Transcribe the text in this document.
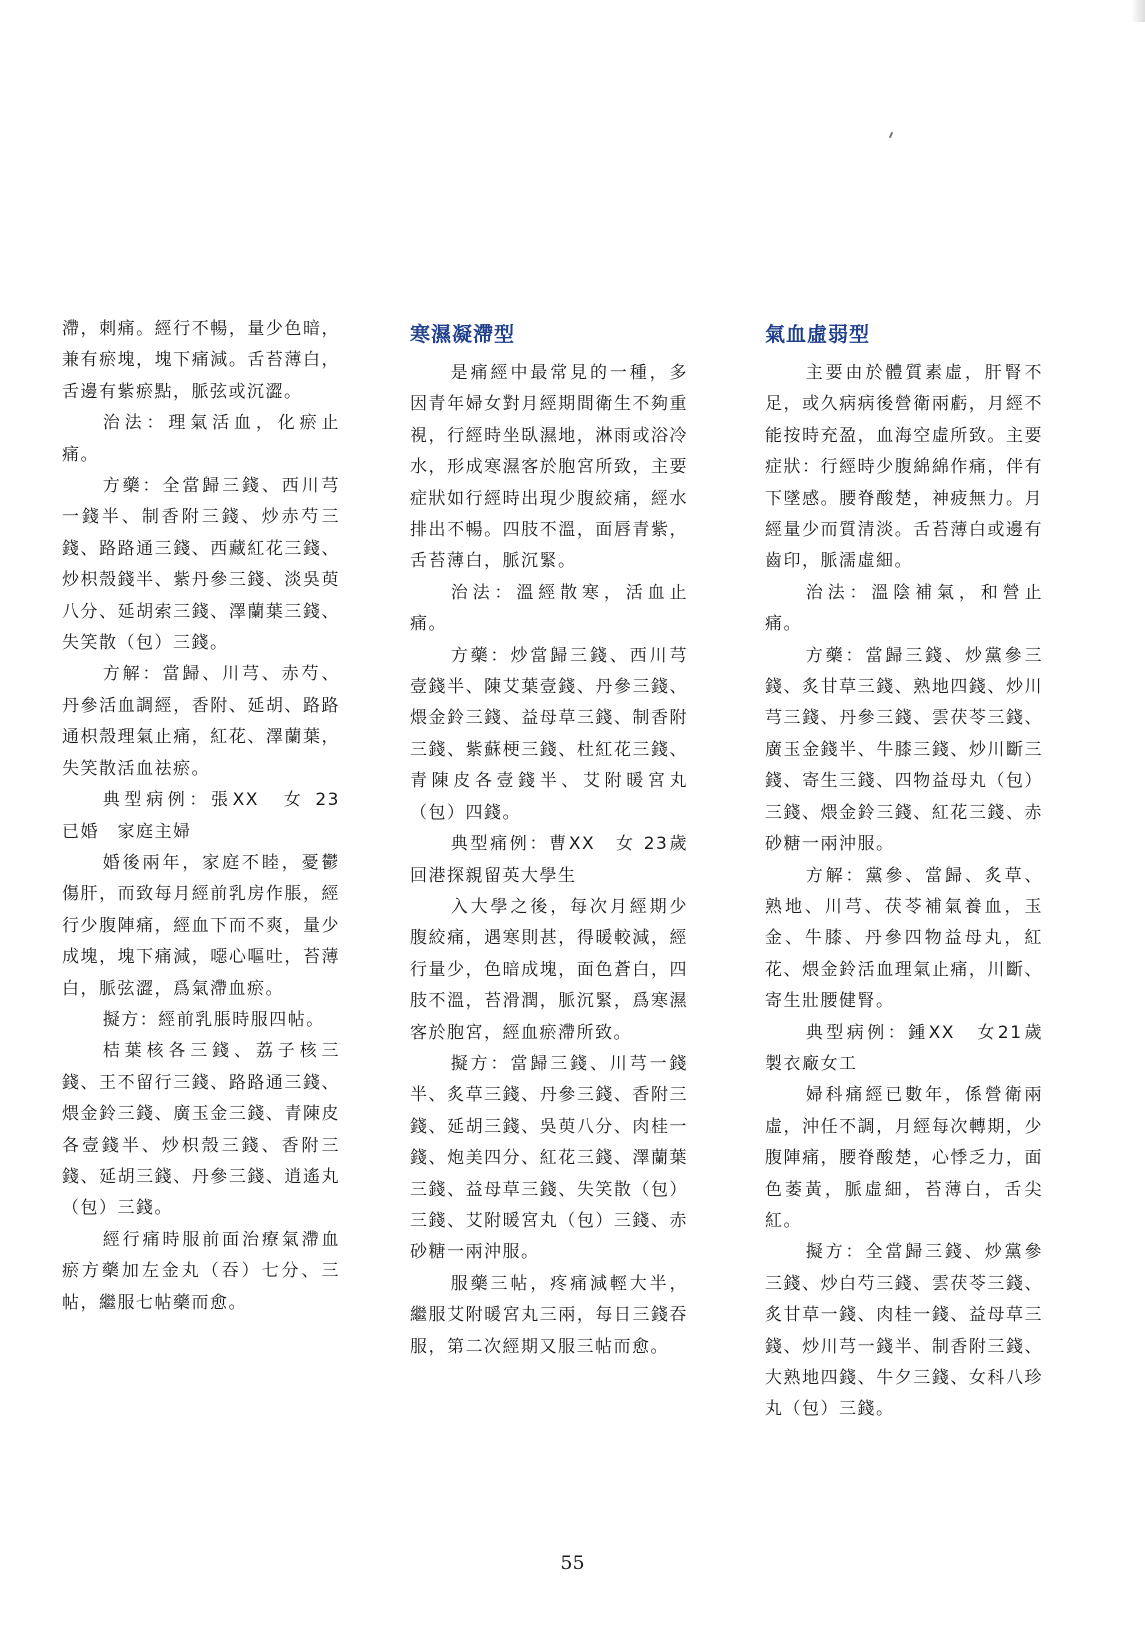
滯，刺痛。經行不暢，量少色暗，兼有瘀塊，塊下痛減。舌苔薄白，舌邊有紫瘀點，脈弦或沉澀。

治法：理氣活血，化瘀止痛。

方藥：全當歸三錢、西川芎一錢半、制香附三錢、炒赤芍三錢、路路通三錢、西藏紅花三錢、炒枳殼錢半、紫丹參三錢、淡吳萸八分、延胡索三錢、澤蘭葉三錢、失笑散（包）三錢。

方解：當歸、川芎、赤芍、丹參活血調經，香附、延胡、路路通枳殼理氣止痛，紅花、澤蘭葉，失笑散活血祛瘀。

典型病例：張XX　女 23　已婚　家庭主婦

婚後兩年，家庭不睦，憂鬱傷肝，而致每月經前乳房作脹，經行少腹陣痛，經血下而不爽，量少成塊，塊下痛減，噁心嘔吐，苔薄白，脈弦澀，爲氣滯血瘀。

擬方：經前乳脹時服四帖。

桔葉核各三錢、荔子核三錢、王不留行三錢、路路通三錢、煨金鈴三錢、廣玉金三錢、青陳皮各壹錢半、炒枳殼三錢、香附三錢、延胡三錢、丹參三錢、逍遙丸（包）三錢。

經行痛時服前面治療氣滯血瘀方藥加左金丸（吞）七分、三帖，繼服七帖藥而愈。

寒濕凝滯型

是痛經中最常見的一種，多因青年婦女對月經期間衛生不夠重視，行經時坐臥濕地，淋雨或浴冷水，形成寒濕客於胞宮所致，主要症狀如行經時出現少腹絞痛，經水排出不暢。四肢不溫，面唇青紫，舌苔薄白，脈沉緊。

治法：溫經散寒，活血止痛。

方藥：炒當歸三錢、西川芎壹錢半、陳艾葉壹錢、丹參三錢、煨金鈴三錢、益母草三錢、制香附三錢、紫蘇梗三錢、杜紅花三錢、青陳皮各壹錢半、艾附暖宮丸（包）四錢。

典型痛例：曹XX　女 23歲　回港探親留英大學生

入大學之後，每次月經期少腹絞痛，遇寒則甚，得暖較減，經行量少，色暗成塊，面色蒼白，四肢不溫，苔滑潤，脈沉緊，爲寒濕客於胞宮，經血瘀滯所致。

擬方：當歸三錢、川芎一錢半、炙草三錢、丹參三錢、香附三錢、延胡三錢、吳萸八分、肉桂一錢、炮美四分、紅花三錢、澤蘭葉三錢、益母草三錢、失笑散（包）三錢、艾附暖宮丸（包）三錢、赤砂糖一兩沖服。

服藥三帖，疼痛減輕大半，繼服艾附暖宮丸三兩，每日三錢吞服，第二次經期又服三帖而愈。

氣血虛弱型

主要由於體質素虛，肝腎不足，或久病病後營衛兩虧，月經不能按時充盈，血海空虛所致。主要症狀：行經時少腹綿綿作痛，伴有下墜感。腰脊酸楚，神疲無力。月經量少而質清淡。舌苔薄白或邊有齒印，脈濡虛細。

治法：溫陰補氣，和營止痛。

方藥：當歸三錢、炒黨參三錢、炙甘草三錢、熟地四錢、炒川芎三錢、丹參三錢、雲茯苓三錢、廣玉金錢半、牛膝三錢、炒川斷三錢、寄生三錢、四物益母丸（包）三錢、煨金鈴三錢、紅花三錢、赤砂糖一兩沖服。

方解：黨參、當歸、炙草、熟地、川芎、茯苓補氣養血，玉金、牛膝、丹參四物益母丸，紅花、煨金鈴活血理氣止痛，川斷、寄生壯腰健腎。

典型病例：鍾XX　女21歲　製衣廠女工

婦科痛經已數年，係營衛兩虛，沖任不調，月經每次轉期，少腹陣痛，腰脊酸楚，心悸乏力，面色萎黃，脈虛細，苔薄白，舌尖紅。

擬方：全當歸三錢、炒黨參三錢、炒白芍三錢、雲茯苓三錢、炙甘草一錢、肉桂一錢、益母草三錢、炒川芎一錢半、制香附三錢、大熟地四錢、牛夕三錢、女科八珍丸（包）三錢。

55
